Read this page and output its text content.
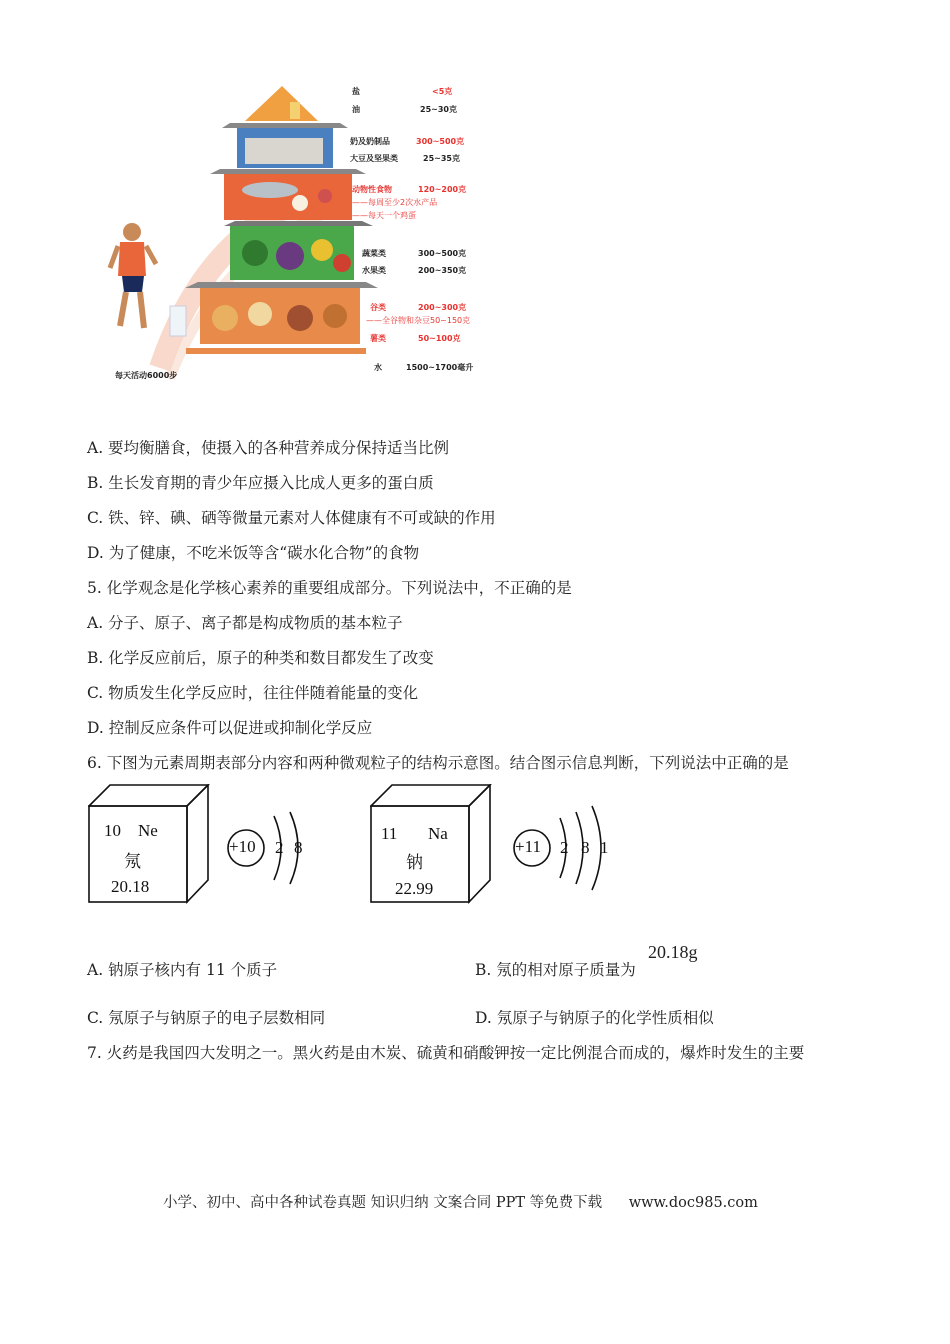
盐	<5克
油	25~30克
奶及奶制品	300~500克
大豆及坚果类	25~35克
动物性食物	120~200克
——每周至少2次水产品
——每天一个鸡蛋
蔬菜类	300~500克
水果类	200~350克
谷类	200~300克
——全谷物和杂豆50~150克
薯类	50~100克
水	1500~1700毫升
每天活动6000步
A. 要均衡膳食，使摄入的各种营养成分保持适当比例
B. 生长发育期的青少年应摄入比成人更多的蛋白质
C. 铁、锌、碘、硒等微量元素对人体健康有不可或缺的作用
D. 为了健康，不吃米饭等含“碳水化合物”的食物
5. 化学观念是化学核心素养的重要组成部分。下列说法中，不正确的是
A. 分子、原子、离子都是构成物质的基本粒子
B. 化学反应前后，原子的种类和数目都发生了改变
C. 物质发生化学反应时，往往伴随着能量的变化
D. 控制反应条件可以促进或抑制化学反应
6. 下图为元素周期表部分内容和两种微观粒子的结构示意图。结合图示信息判断，下列说法中正确的是
10 Ne
氖
20.18
+10 2 8
11 Na
钠
22.99
+11 2 8 1
A. 钠原子核内有 11 个质子	B. 氖的相对原子质量为
20.18g
C. 氖原子与钠原子的电子层数相同	D. 氖原子与钠原子的化学性质相似
7. 火药是我国四大发明之一。黑火药是由木炭、硫黄和硝酸钾按一定比例混合而成的，爆炸时发生的主要
小学、初中、高中各种试卷真题 知识归纳 文案合同 PPT 等免费下载 www.doc985.com
